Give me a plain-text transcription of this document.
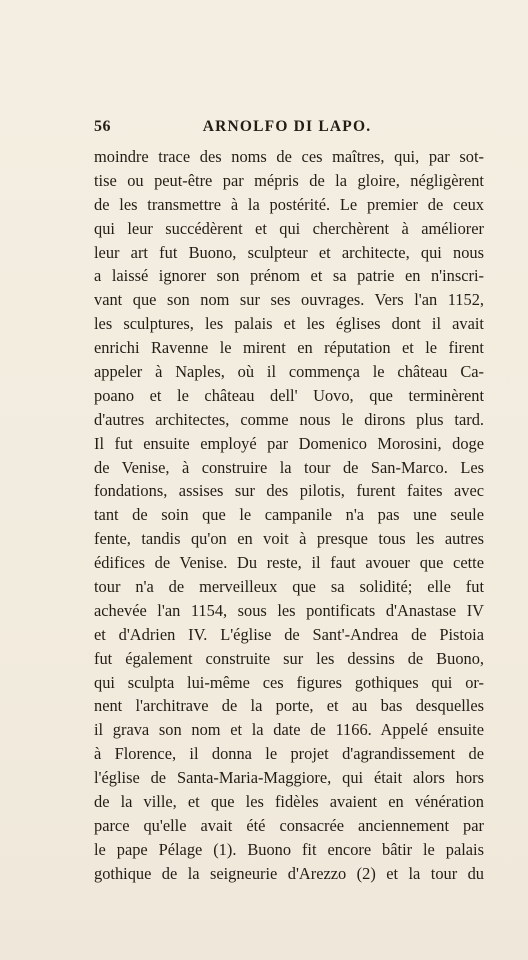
56	ARNOLFO DI LAPO.
moindre trace des noms de ces maîtres, qui, par sot-
tise ou peut-être par mépris de la gloire, négligèrent
de les transmettre à la postérité. Le premier de ceux
qui leur succédèrent et qui cherchèrent à améliorer
leur art fut Buono, sculpteur et architecte, qui nous
a laissé ignorer son prénom et sa patrie en n'inscri-
vant que son nom sur ses ouvrages. Vers l'an 1152,
les sculptures, les palais et les églises dont il avait
enrichi Ravenne le mirent en réputation et le firent
appeler à Naples, où il commença le château Ca-
poano et le château dell' Uovo, que terminèrent
d'autres architectes, comme nous le dirons plus tard.
Il fut ensuite employé par Domenico Morosini, doge
de Venise, à construire la tour de San-Marco. Les
fondations, assises sur des pilotis, furent faites avec
tant de soin que le campanile n'a pas une seule
fente, tandis qu'on en voit à presque tous les autres
édifices de Venise. Du reste, il faut avouer que cette
tour n'a de merveilleux que sa solidité; elle fut
achevée l'an 1154, sous les pontificats d'Anastase IV
et d'Adrien IV. L'église de Sant'-Andrea de Pistoia
fut également construite sur les dessins de Buono,
qui sculpta lui-même ces figures gothiques qui or-
nent l'architrave de la porte, et au bas desquelles
il grava son nom et la date de 1166. Appelé ensuite
à Florence, il donna le projet d'agrandissement de
l'église de Santa-Maria-Maggiore, qui était alors hors
de la ville, et que les fidèles avaient en vénération
parce qu'elle avait été consacrée anciennement par
le pape Pélage (1). Buono fit encore bâtir le palais
gothique de la seigneurie d'Arezzo (2) et la tour du
